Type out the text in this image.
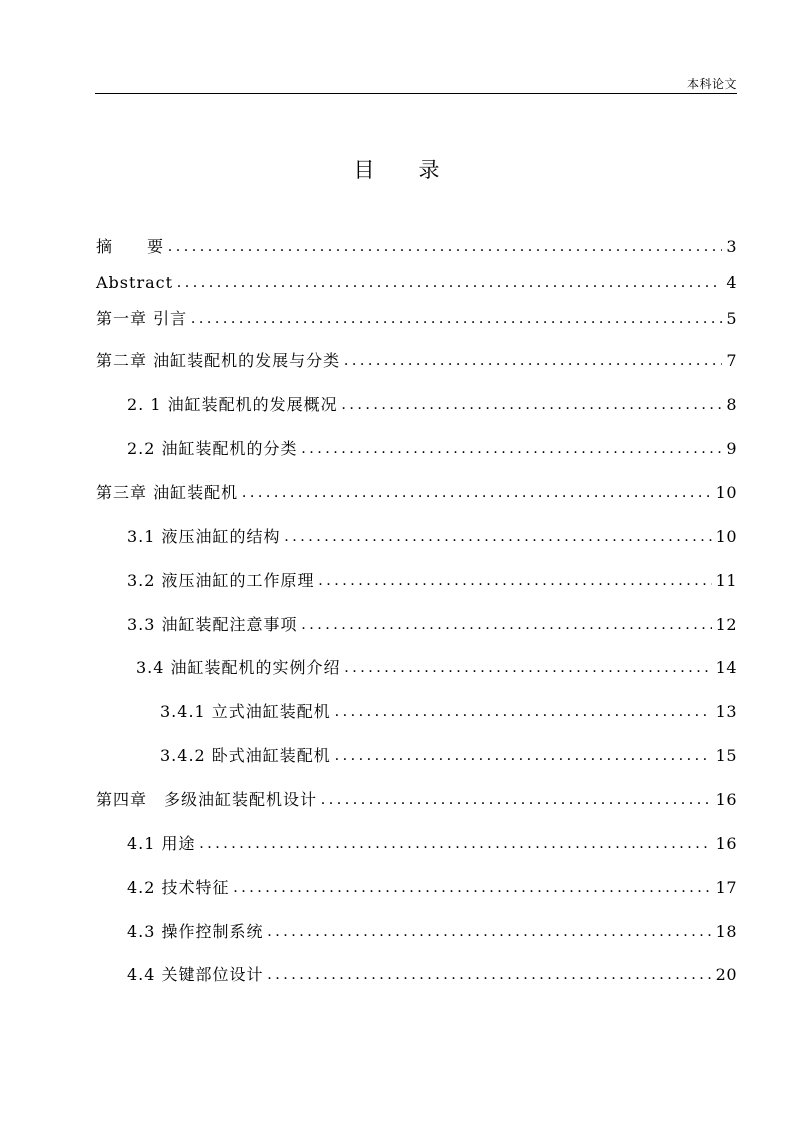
本科论文
目 录
摘　　要 . . .	3
Abstract . . .	4
第一章 引言 . . .	5
第二章 油缸装配机的发展与分类 . . .	7
2. 1 油缸装配机的发展概况 . . .	8
2.2 油缸装配机的分类 . . .	9
第三章 油缸装配机 . . .	10
3.1 液压油缸的结构 . . .	10
3.2 液压油缸的工作原理 . . .	11
3.3 油缸装配注意事项 . . .	12
3.4 油缸装配机的实例介绍 . . .	14
3.4.1 立式油缸装配机 . . .	13
3.4.2 卧式油缸装配机 . . .	15
第四章　多级油缸装配机设计 . . .	16
4.1 用途 . . .	16
4.2 技术特征 . . .	17
4.3 操作控制系统 . . .	18
4.4 关键部位设计 . . .	20
